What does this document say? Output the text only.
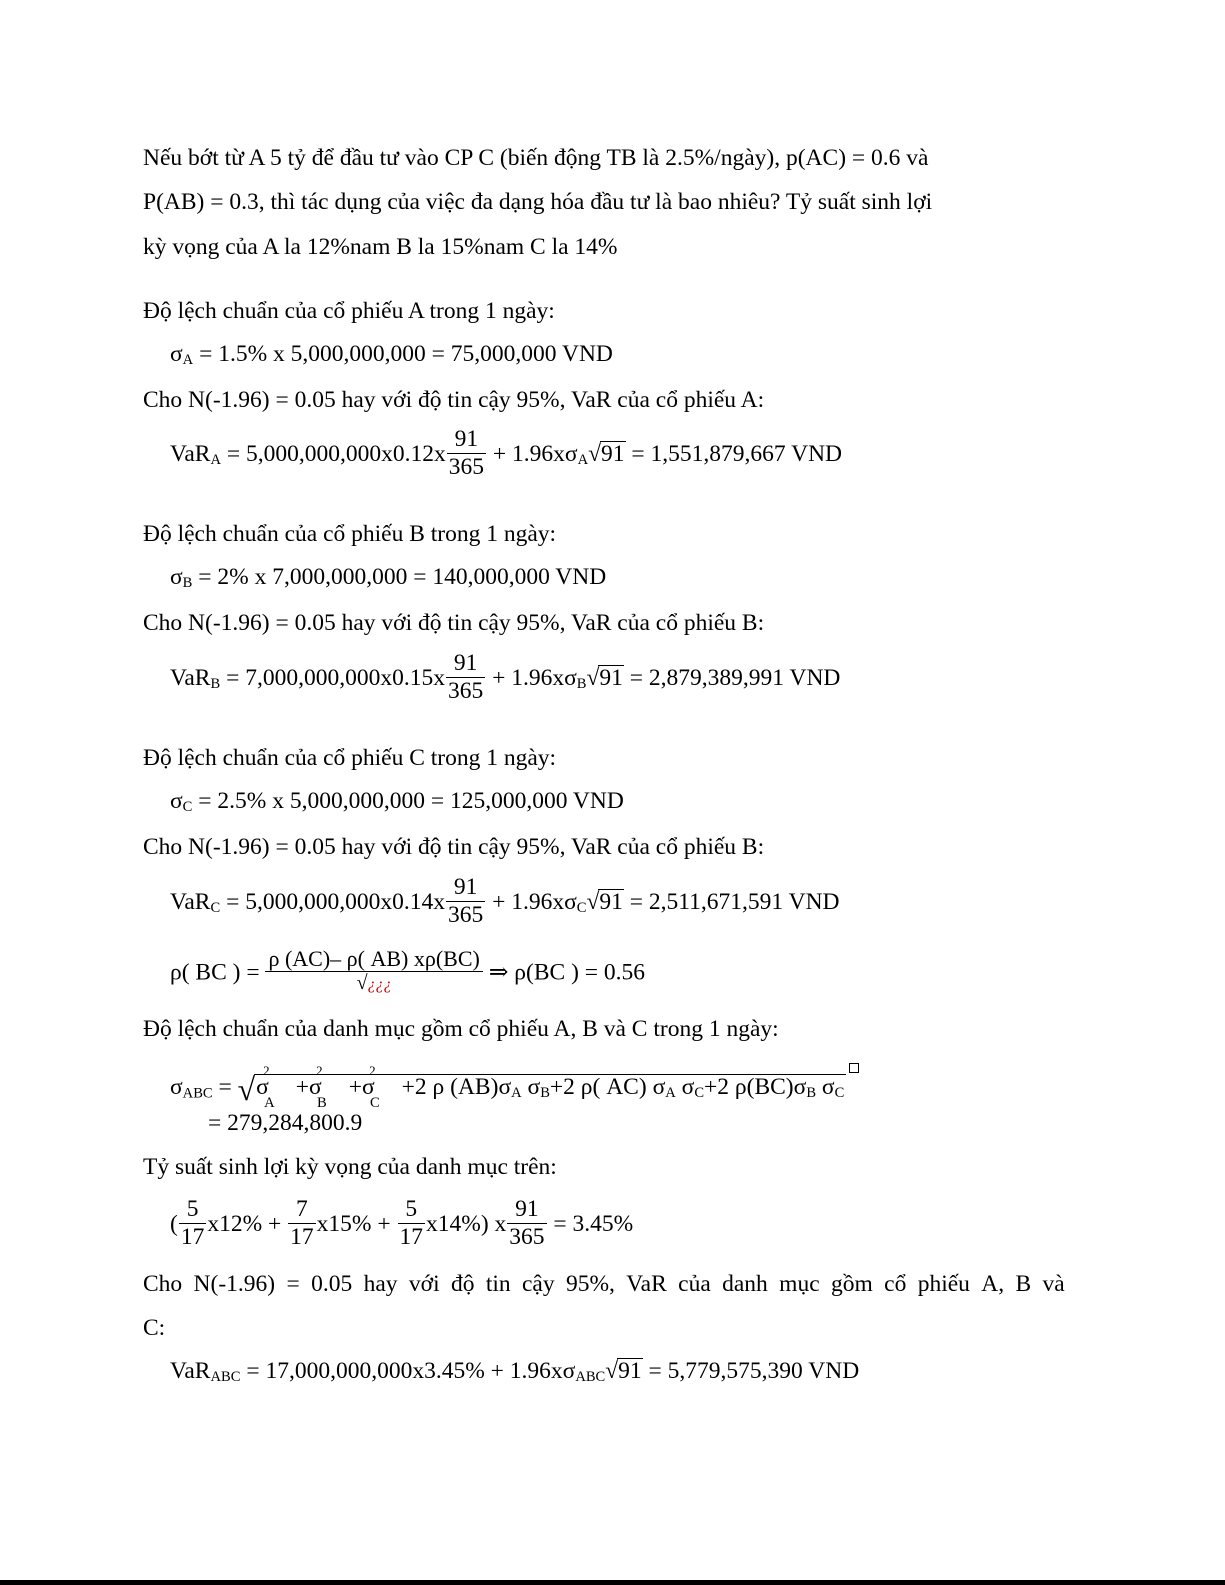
Nếu bớt từ A 5 tỷ để đầu tư vào CP C (biến động TB là 2.5%/ngày), p(AC) = 0.6 và
P(AB) = 0.3, thì tác dụng của việc đa dạng hóa đầu tư là bao nhiêu? Tỷ suất sinh lợi
kỳ vọng của A la 12%nam B la 15%nam C la 14%
Độ lệch chuẩn của cổ phiếu A trong 1 ngày:
$\sigma_A = 1.5\%$ x 5,000,000,000 = 75,000,000 VND
Cho N(-1.96) = 0.05 hay với độ tin cậy 95%, VaR của cổ phiếu A:
$VaR_A = 5,000,000,000x0.12x \frac{91}{365} + 1.96x\sigma_A√91 = 1,551,879,667$ VND
Độ lệch chuẩn của cổ phiếu B trong 1 ngày:
$\sigma_B = 2\%$ x 7,000,000,000 = 140,000,000 VND
Cho N(-1.96) = 0.05 hay với độ tin cậy 95%, VaR của cổ phiếu B:
$VaR_B = 7,000,000,000x0.15x \frac{91}{365} + 1.96x\sigma_B√91 = 2,879,389,991$ VND
Độ lệch chuẩn của cổ phiếu C trong 1 ngày:
$\sigma_C = 2.5\%$ x 5,000,000,000 = 125,000,000 VND
Cho N(-1.96) = 0.05 hay với độ tin cậy 95%, VaR của cổ phiếu B:
$VaR_C = 5,000,000,000x0.14x \frac{91}{365} + 1.96x\sigma_C√91 = 2,511,671,591$ VND
ρ( BC ) =
ρ (AC)– ρ( AB) xρ(BC)
√¿¿¿	⇒ ρ(BC ) = 0.56
Độ lệch chuẩn của danh mục gồm cổ phiếu A, B và C trong 1 ngày:
$\sigma_{ABC} = √\sigma$
2
A
+σ
2
B
+σ
2
C
+2 ρ $(AB)\sigma_A$ $\sigma_B+2$ ρ( AC) $\sigma_A$ $\sigma_C+2$ $\rho(BC)\sigma_B$ $\sigma_C$
= 279,284,800.9
Tỷ suất sinh lợi kỳ vọng của danh mục trên:
( $\frac{5}{17} x12\% + \frac{7}{17} x15\% + \frac{5}{17} x14\%$) x $\frac{91}{365} = 3.45\%$
Cho N(-1.96) = 0.05 hay với độ tin cậy 95%, VaR của danh mục gồm cổ phiếu A, B và
C:
$VaR_{ABC} = 17,000,000,000x3.45\% + 1.96x\sigma_{ABC}√91 = 5,779,575,390$ VND
